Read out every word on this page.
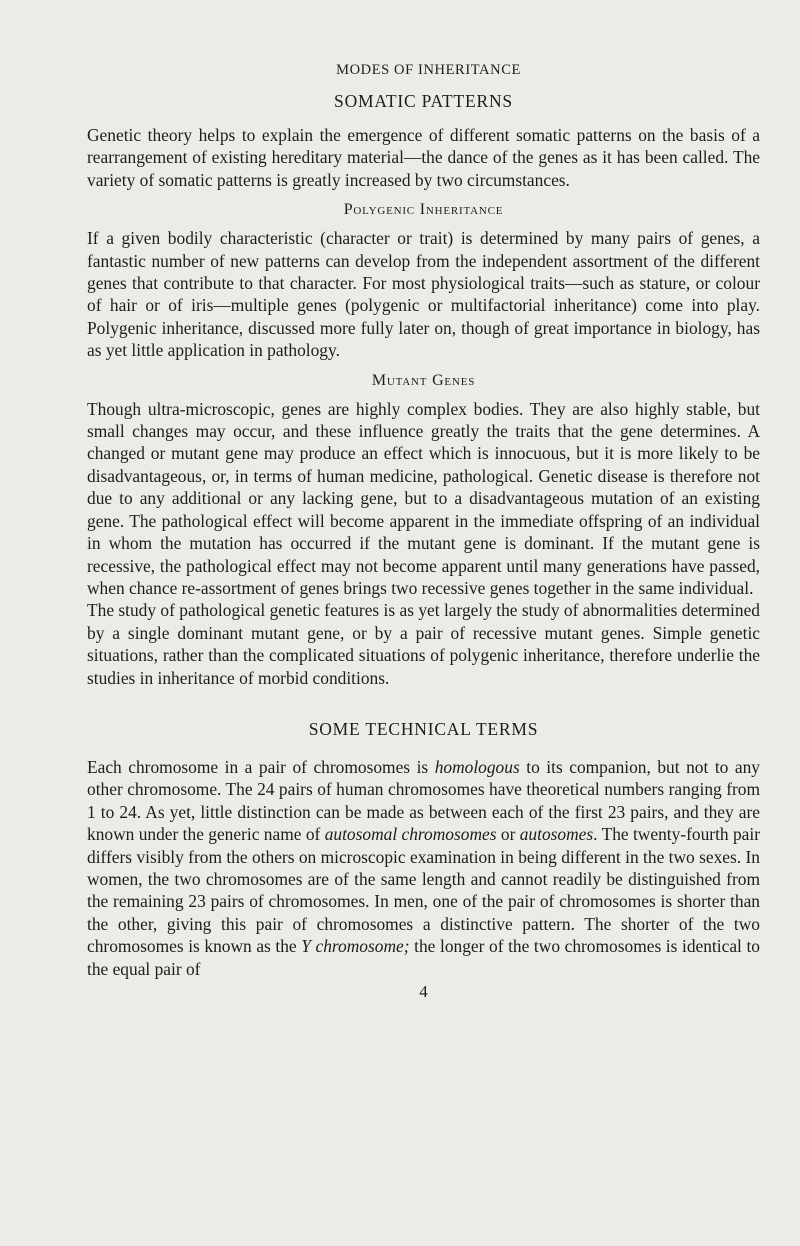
MODES OF INHERITANCE
SOMATIC PATTERNS

Genetic theory helps to explain the emergence of different somatic patterns on the basis of a rearrangement of existing hereditary material—the dance of the genes as it has been called. The variety of somatic patterns is greatly increased by two circumstances.

Polygenic Inheritance

If a given bodily characteristic (character or trait) is determined by many pairs of genes, a fantastic number of new patterns can develop from the independent assortment of the different genes that contribute to that character. For most physiological traits—such as stature, or colour of hair or of iris—multiple genes (polygenic or multifactorial inheritance) come into play. Polygenic inheritance, discussed more fully later on, though of great importance in biology, has as yet little application in pathology.

Mutant Genes

Though ultra-microscopic, genes are highly complex bodies. They are also highly stable, but small changes may occur, and these influence greatly the traits that the gene determines. A changed or mutant gene may produce an effect which is innocuous, but it is more likely to be disadvantageous, or, in terms of human medicine, pathological. Genetic disease is therefore not due to any additional or any lacking gene, but to a disadvantageous mutation of an existing gene. The pathological effect will become apparent in the immediate offspring of an individual in whom the mutation has occurred if the mutant gene is dominant. If the mutant gene is recessive, the pathological effect may not become apparent until many generations have passed, when chance re-assortment of genes brings two recessive genes together in the same individual.

The study of pathological genetic features is as yet largely the study of abnormalities determined by a single dominant mutant gene, or by a pair of recessive mutant genes. Simple genetic situations, rather than the complicated situations of polygenic inheritance, therefore underlie the studies in inheritance of morbid conditions.

SOME TECHNICAL TERMS

Each chromosome in a pair of chromosomes is homologous to its companion, but not to any other chromosome. The 24 pairs of human chromosomes have theoretical numbers ranging from 1 to 24. As yet, little distinction can be made as between each of the first 23 pairs, and they are known under the generic name of autosomal chromosomes or autosomes. The twenty-fourth pair differs visibly from the others on microscopic examination in being different in the two sexes. In women, the two chromosomes are of the same length and cannot readily be distinguished from the remaining 23 pairs of chromosomes. In men, one of the pair of chromosomes is shorter than the other, giving this pair of chromosomes a distinctive pattern. The shorter of the two chromosomes is known as the Y chromosome; the longer of the two chromosomes is identical to the equal pair of

4
